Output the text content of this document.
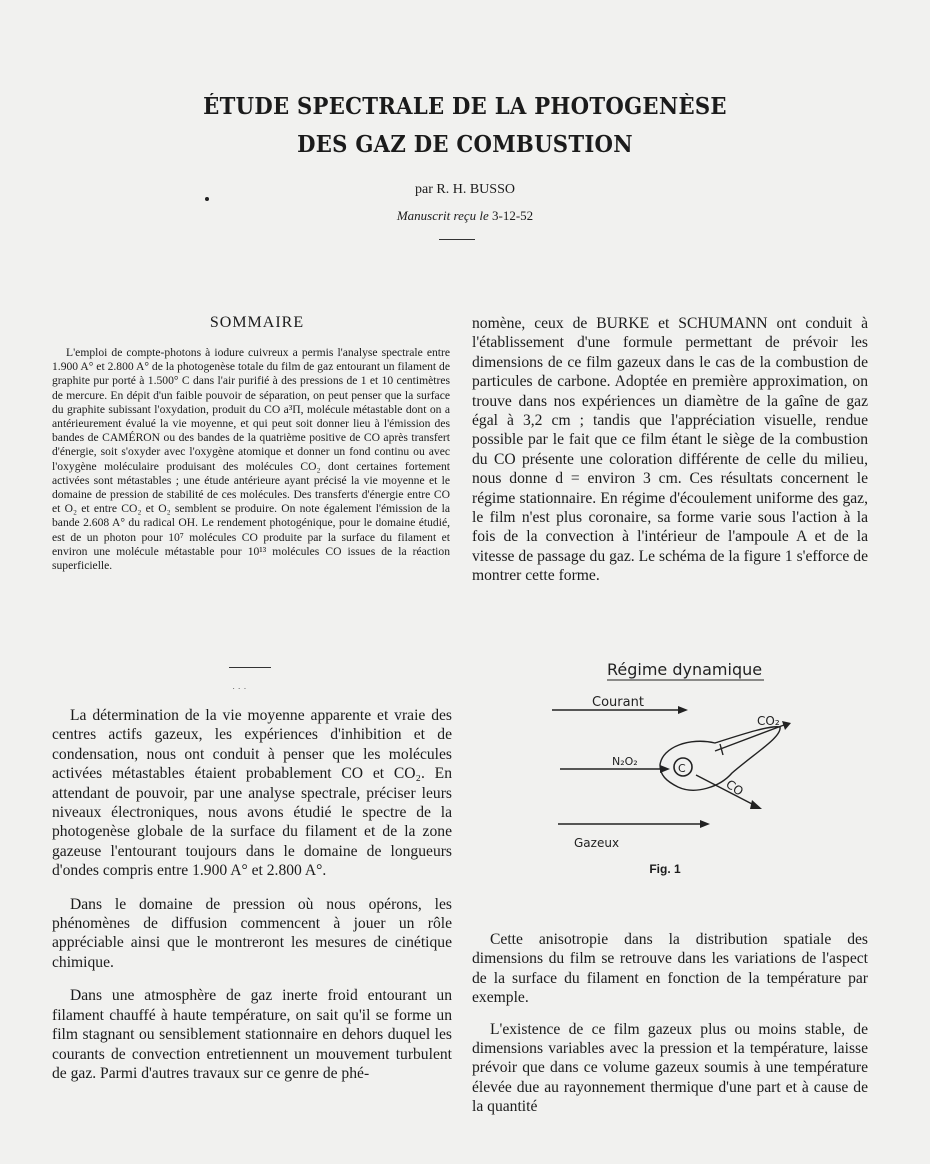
ÉTUDE SPECTRALE DE LA PHOTOGENÈSE
DES GAZ DE COMBUSTION
par R. H. BUSSO
Manuscrit reçu le 3-12-52
SOMMAIRE

L'emploi de compte-photons à iodure cuivreux a permis l'analyse spectrale entre 1.900 A° et 2.800 A° de la photogenèse totale du film de gaz entourant un filament de graphite pur porté à 1.500° C dans l'air purifié à des pressions de 1 et 10 centimètres de mercure. En dépit d'un faible pouvoir de séparation, on peut penser que la surface du graphite subissant l'oxydation, produit du CO a³Π, molécule métastable dont on a antérieurement évalué la vie moyenne, et qui peut soit donner lieu à l'émission des bandes de CAMÉRON ou des bandes de la quatrième positive de CO après transfert d'énergie, soit s'oxyder avec l'oxygène atomique et donner un fond continu ou avec l'oxygène moléculaire produisant des molécules CO₂ dont certaines fortement activées sont métastables ; une étude antérieure ayant précisé la vie moyenne et le domaine de pression de stabilité de ces molécules. Des transferts d'énergie entre CO et O₂ et entre CO₂ et O₂ semblent se produire. On note également l'émission de la bande 2.608 A° du radical OH. Le rendement photogénique, pour le domaine étudié, est de un photon pour 10⁷ molécules CO produite par la surface du filament et environ une molécule métastable pour 10¹³ molécules CO issues de la réaction superficielle.

⋅ ⋅ ⋅

La détermination de la vie moyenne apparente et vraie des centres actifs gazeux, les expériences d'inhibition et de condensation, nous ont conduit à penser que les molécules activées métastables étaient probablement CO et CO₂. En attendant de pouvoir, par une analyse spectrale, préciser leurs niveaux électroniques, nous avons étudié le spectre de la photogenèse globale de la surface du filament et de la zone gazeuse l'entourant toujours dans le domaine de longueurs d'ondes compris entre 1.900 A° et 2.800 A°.

Dans le domaine de pression où nous opérons, les phénomènes de diffusion commencent à jouer un rôle appréciable ainsi que le montreront les mesures de cinétique chimique.

Dans une atmosphère de gaz inerte froid entourant un filament chauffé à haute température, on sait qu'il se forme un film stagnant ou sensiblement stationnaire en dehors duquel les courants de convection entretiennent un mouvement turbulent de gaz. Parmi d'autres travaux sur ce genre de phé-

nomène, ceux de BURKE et SCHUMANN ont conduit à l'établissement d'une formule permettant de prévoir les dimensions de ce film gazeux dans le cas de la combustion de particules de carbone. Adoptée en première approximation, on trouve dans nos expériences un diamètre de la gaîne de gaz égal à 3,2 cm ; tandis que l'appréciation visuelle, rendue possible par le fait que ce film étant le siège de la combustion du CO présente une coloration différente de celle du milieu, nous donne d = environ 3 cm. Ces résultats concernent le régime stationnaire. En régime d'écoulement uniforme des gaz, le film n'est plus coronaire, sa forme varie sous l'action à la fois de la convection à l'intérieur de l'ampoule A et de la vitesse de passage du gaz. Le schéma de la figure 1 s'efforce de montrer cette forme.

Régime dynamique
Courant
N₂O₂
C
CO₂
CO
Gazeux
Fig. 1

Cette anisotropie dans la distribution spatiale des dimensions du film se retrouve dans les variations de l'aspect de la surface du filament en fonction de la température par exemple.

L'existence de ce film gazeux plus ou moins stable, de dimensions variables avec la pression et la température, laisse prévoir que dans ce volume gazeux soumis à une température élevée due au rayonnement thermique d'une part et à cause de la quantité
